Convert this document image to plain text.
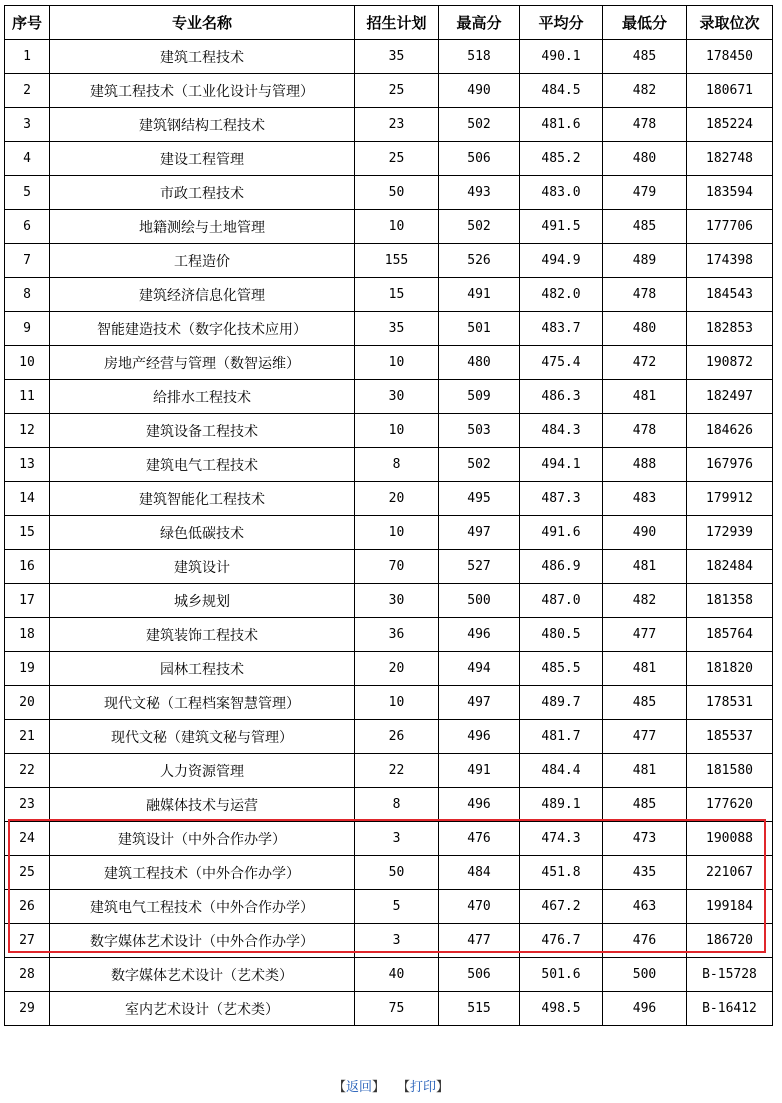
序号	专业名称	招生计划	最高分	平均分	最低分	录取位次
1	建筑工程技术	35	518	490.1	485	178450
2	建筑工程技术（工业化设计与管理）	25	490	484.5	482	180671
3	建筑钢结构工程技术	23	502	481.6	478	185224
4	建设工程管理	25	506	485.2	480	182748
5	市政工程技术	50	493	483.0	479	183594
6	地籍测绘与土地管理	10	502	491.5	485	177706
7	工程造价	155	526	494.9	489	174398
8	建筑经济信息化管理	15	491	482.0	478	184543
9	智能建造技术（数字化技术应用）	35	501	483.7	480	182853
10	房地产经营与管理（数智运维）	10	480	475.4	472	190872
11	给排水工程技术	30	509	486.3	481	182497
12	建筑设备工程技术	10	503	484.3	478	184626
13	建筑电气工程技术	8	502	494.1	488	167976
14	建筑智能化工程技术	20	495	487.3	483	179912
15	绿色低碳技术	10	497	491.6	490	172939
16	建筑设计	70	527	486.9	481	182484
17	城乡规划	30	500	487.0	482	181358
18	建筑装饰工程技术	36	496	480.5	477	185764
19	园林工程技术	20	494	485.5	481	181820
20	现代文秘（工程档案智慧管理）	10	497	489.7	485	178531
21	现代文秘（建筑文秘与管理）	26	496	481.7	477	185537
22	人力资源管理	22	491	484.4	481	181580
23	融媒体技术与运营	8	496	489.1	485	177620
24	建筑设计（中外合作办学）	3	476	474.3	473	190088
25	建筑工程技术（中外合作办学）	50	484	451.8	435	221067
26	建筑电气工程技术（中外合作办学）	5	470	467.2	463	199184
27	数字媒体艺术设计（中外合作办学）	3	477	476.7	476	186720
28	数字媒体艺术设计（艺术类）	40	506	501.6	500	B-15728
29	室内艺术设计（艺术类）	75	515	498.5	496	B-16412
【返回】 【打印】
